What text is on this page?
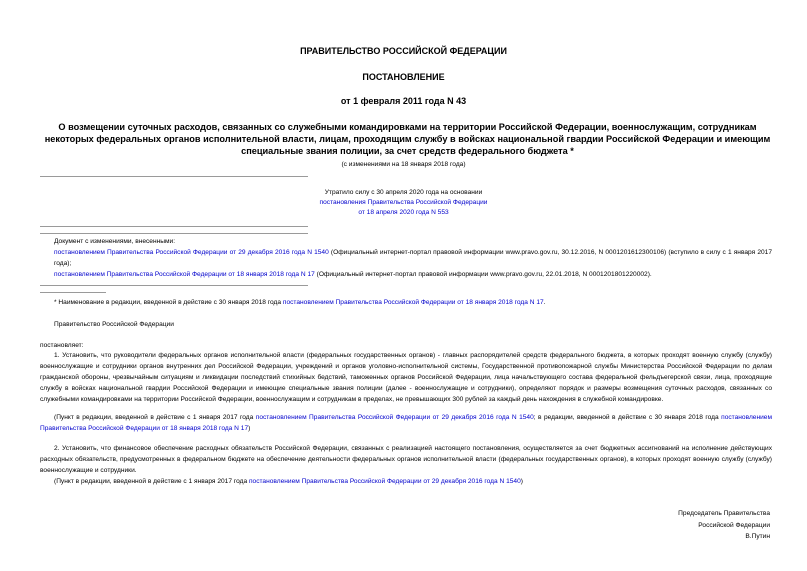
ПРАВИТЕЛЬСТВО РОССИЙСКОЙ ФЕДЕРАЦИИ
ПОСТАНОВЛЕНИЕ
от 1 февраля 2011 года N 43
О возмещении суточных расходов, связанных со служебными командировками на территории Российской Федерации, военнослужащим, сотрудникам некоторых федеральных органов исполнительной власти, лицам, проходящим службу в войсках национальной гвардии Российской Федерации и имеющим специальные звания полиции, за счет средств федерального бюджета *
(с изменениями на 18 января 2018 года)
Утратило силу с 30 апреля 2020 года на основании
постановления Правительства Российской Федерации
от 18 апреля 2020 года N 553
Документ с изменениями, внесенными:
постановлением Правительства Российской Федерации от 29 декабря 2016 года N 1540 (Официальный интернет-портал правовой информации www.pravo.gov.ru, 30.12.2016, N 0001201612300106) (вступило в силу с 1 января 2017 года);
постановлением Правительства Российской Федерации от 18 января 2018 года N 17 (Официальный интернет-портал правовой информации www.pravo.gov.ru, 22.01.2018, N 0001201801220002).
* Наименование в редакции, введенной в действие с 30 января 2018 года постановлением Правительства Российской Федерации от 18 января 2018 года N 17.
Правительство Российской Федерации
постановляет:
1. Установить, что руководители федеральных органов исполнительной власти (федеральных государственных органов) - главных распорядителей средств федерального бюджета, в которых проходят военную службу (службу) военнослужащие и сотрудники органов внутренних дел Российской Федерации, учреждений и органов уголовно-исполнительной системы, Государственной противопожарной службы Министерства Российской Федерации по делам гражданской обороны, чрезвычайным ситуациям и ликвидации последствий стихийных бедствий, таможенных органов Российской Федерации, лица начальствующего состава федеральной фельдъегерской связи, лица, проходящие службу в войсках национальной гвардии Российской Федерации и имеющие специальные звания полиции (далее - военнослужащие и сотрудники), определяют порядок и размеры возмещения суточных расходов, связанных со служебными командировками на территории Российской Федерации, военнослужащим и сотрудникам в пределах, не превышающих 300 рублей за каждый день нахождения в служебной командировке.
(Пункт в редакции, введенной в действие с 1 января 2017 года постановлением Правительства Российской Федерации от 29 декабря 2016 года N 1540; в редакции, введенной в действие с 30 января 2018 года постановлением Правительства Российской Федерации от 18 января 2018 года N 17)
2. Установить, что финансовое обеспечение расходных обязательств Российской Федерации, связанных с реализацией настоящего постановления, осуществляется за счет бюджетных ассигнований на исполнение действующих расходных обязательств, предусмотренных в федеральном бюджете на обеспечение деятельности федеральных органов исполнительной власти (федеральных государственных органов), в которых проходят военную службу (службу) военнослужащие и сотрудники.
(Пункт в редакции, введенной в действие с 1 января 2017 года постановлением Правительства Российской Федерации от 29 декабря 2016 года N 1540)
Председатель Правительства
Российской Федерации
В.Путин
